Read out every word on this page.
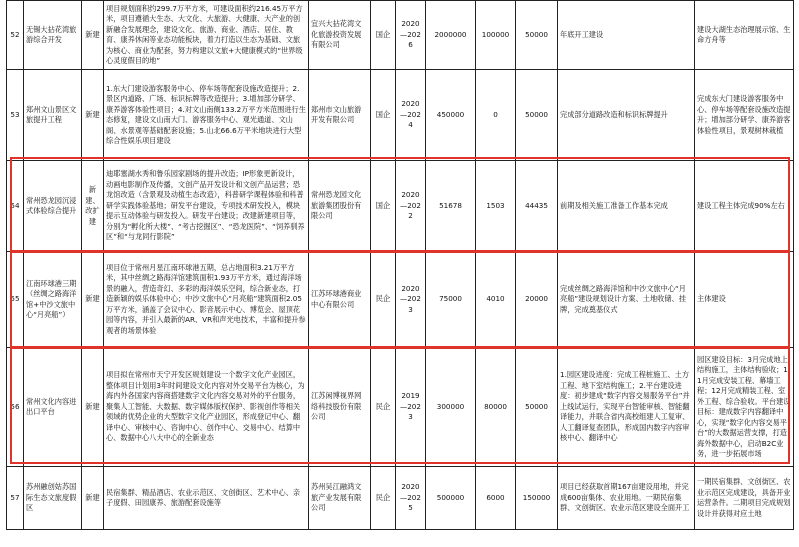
52	无锡大拈花湾旅游综合开发	新建	项目规划面积约299.7万平方米，可建设面积约216.45万平方米，项目遵循大生态、大文化、大旅游、大健康、大产业的创新融合发展理念，建设文化、旅游、商业、酒店、居住、教育、康养休闲等业态功能板块，着力打造以生态为基础、文旅为核心、商业为配套，努力构建以文旅+大健康模式的“世界级心灵度假目的地”	宜兴大拈花湾文化旅游投资发展有限公司	国企	2020—2026	2000000	100000	50000	年底开工建设	建设大湖生态治理展示馆、生命方舟等
53	郑州文山景区文旅提升工程	新建	1.东大门建设游客服务中心、停车场等配套设施改造提升；2.景区内道路、广场、标识标牌等改造提升；3.增加部分研学、康养游客体验性项目；4.对文山南侧133.2万平方米范围进行生态修复，建设文山南大门、游客服务中心、观光通道、文山阁、水景观等基础配套设施；5.山北66.6万平米地块进行大型综合性娱乐项目建设	郑州市文山旅游开发有限公司	国企	2020—2024	450000	0	50000	完成部分道路改造和标识标牌提升	完成东大门建设游客服务中心、停车场等配套设施改造提升；增加部分研学、康养游客体验性项目，景观树林栽植
54	常州恐龙园沉浸式体验综合提升	新建、改扩建	迪耶塞湖水秀和鲁乐园家剧场的提升改造；IP形象更新设计，动画电影制作及传播，文创产品开发设计和文创产品运营；恐龙馆改造（含景观及动植生态改造），科普研学课程体验和科普研学实践体验基地；研发平台建设，专项技术研发投入，模块提示互动体验与研发投入。研发平台建设；改建新建项目等，分别为“孵化所大楼”、“考古挖掘区”、“恐龙医院”、“饲养驯养区”和“与龙同行影院”	常州恐龙园文化旅游集团股份有限公司	国企	2020—2022	51678	1503	44435	前期及相关施工准备工作基本完成	建设工程主体完成90%左右
55	江南环球港三期（丝绸之路海洋馆+中沙文旅中心“月亮船”）	新建	项目位于常州月星江南环球港五期，总占地面积3.21万平方米，其中丝绸之路海洋馆建筑面积1.93万平方米，通过海洋场景的融入，营造奇幻、多彩的海洋娱乐空间，综合新业态，打造新颖的娱乐体验中心；中沙文旅中心“月亮船”建筑面积2.05万平方米，涵盖了会议中心、影音展示中心、博览会、屋顶花园等内容，并引入最新的AR、VR和声光电技术，丰富和提升参观者的场景体验	江苏环球港商业中心有限公司	民企	2020—2023	75000	4010	20000	完成丝绸之路海洋馆和中沙文旅中心“月亮船”建设规划设计方案、土地收储、挂牌，完成奠基仪式	主体建设
56	常州文化内容进出口平台	新建	项目拟在常州市天宁开发区规划建设一个数字文化产业园区，整体项目计划用3年时间建设文化内容对外交易平台为核心，为海内外各国家内容商搭建数字文化内容交易对外的平台服务，聚集人工智能、大数据、数字媒体版权保护、影视创作等相关领域的优势企业的大型数字文化产业园区，形成登记中心、翻译中心、审核中心、咨询中心、创作中心、交易中心、结算中心、数据中心八大中心的全新业态	江苏闲博视界网络科技股份有限公司	民企	2019—2023	300000	80000	50000	1.园区建设进度：完成工程桩施工、土方工程、地下室结构施工；2.平台建设进度：初步建成“数字内容交易服务平台”并上线试运行，实现平台智能审核、智能翻译能力，并联合省内高校组建人工复审、人工翻译复查团队，形成国内数字内容审核中心、翻译中心	园区建设目标：3月完成地上结构施工，主体结构验收；11月完成安装工程、幕墙工程；12月完成精装工程、室外工程、综合验收。平台建设目标：建成数字内容翻译中心，实现“数字化内容交易平台”的大数据运营支撑，打造海外数据中心，启动B2C业务，进一步拓展市场
57	苏州融创姑苏国际生态文旅度假区	新建	民宿集群、精品酒店、农业示范区、文创街区、艺术中心、亲子度假、田园康养、旅游配套设施等	苏州吴江融鸿文旅产业发展有限公司	民企	2020—2025	500000	6000	150000	项目已经获取首期167亩建设用地，并完成600亩集体、农业用地。一期民宿集群、文创街区、农业示范区建设全面开工	一期民宿集群、文创街区、农业示范区完成建设，具备开业运营条件。二期项目完成规划设计并获得对应土地
